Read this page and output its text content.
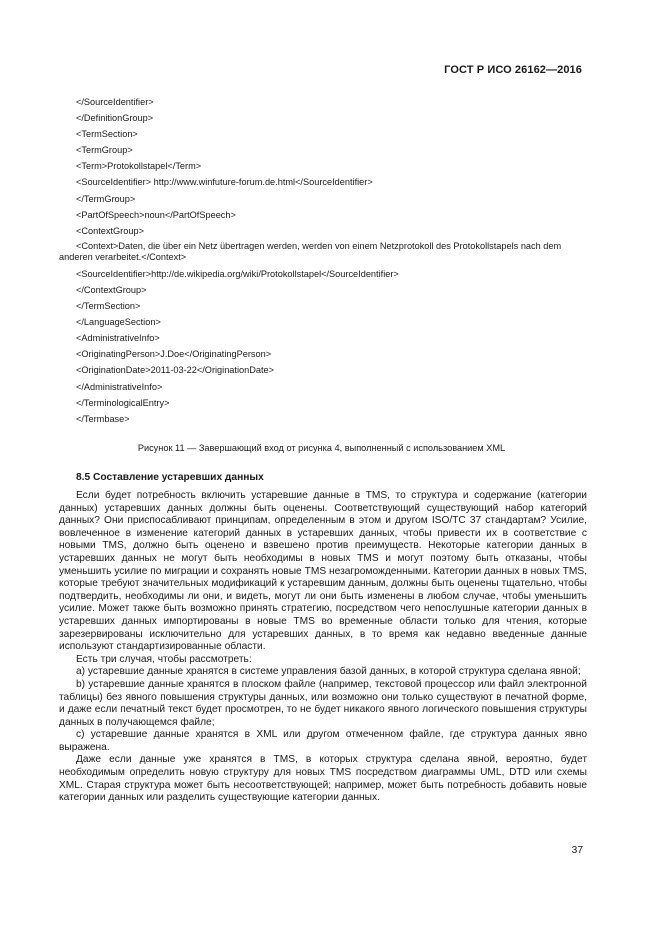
ГОСТ Р ИСО 26162—2016
</SourceIdentifier>
</DefinitionGroup>
<TermSection>
<TermGroup>
<Term>Protokollstapel</Term>
<SourceIdentifier> http://www.winfuture-forum.de.html</SourceIdentifier>
</TermGroup>
<PartOfSpeech>noun</PartOfSpeech>
<ContextGroup>
<Context>Daten, die über ein Netz übertragen werden, werden von einem Netzprotokoll des Protokollstapels nach dem anderen verarbeitet.</Context>
<SourceIdentifier>http://de.wikipedia.org/wiki/Protokollstapel</SourceIdentifier>
</ContextGroup>
</TermSection>
</LanguageSection>
<AdministrativeInfo>
<OriginatingPerson>J.Doe</OriginatingPerson>
<OriginationDate>2011-03-22</OriginationDate>
</AdministrativeInfo>
</TerminologicalEntry>
</Termbase>
Рисунок 11 — Завершающий вход от рисунка 4, выполненный с использованием XML
8.5 Составление устаревших данных

Если будет потребность включить устаревшие данные в TMS, то структура и содержание (категории данных) устаревших данных должны быть оценены. Соответствующий существующий набор категорий данных? Они приспосабливают принципам, определенным в этом и другом ISO/TC 37 стандартам? Усилие, вовлеченное в изменение категорий данных в устаревших данных, чтобы привести их в соответствие с новыми TMS, должно быть оценено и взвешено против преимуществ. Некоторые категории данных в устаревших данных не могут быть необходимы в новых TMS и могут поэтому быть отказаны, чтобы уменьшить усилие по миграции и сохранять новые TMS незагроможденными. Категории данных в новых TMS, которые требуют значительных модификаций к устаревшим данным, должны быть оценены тщательно, чтобы подтвердить, необходимы ли они, и видеть, могут ли они быть изменены в любом случае, чтобы уменьшить усилие. Может также быть возможно принять стратегию, посредством чего непослушные категории данных в устаревших данных импортированы в новые TMS во временные области только для чтения, которые зарезервированы исключительно для устаревших данных, в то время как недавно введенные данные используют стандартизированные области.

Есть три случая, чтобы рассмотреть:

а) устаревшие данные хранятся в системе управления базой данных, в которой структура сделана явной;

b) устаревшие данные хранятся в плоском файле (например, текстовой процессор или файл электронной таблицы) без явного повышения структуры данных, или возможно они только существуют в печатной форме, и даже если печатный текст будет просмотрен, то не будет никакого явного логического повышения структуры данных в получающемся файле;

с) устаревшие данные хранятся в XML или другом отмеченном файле, где структура данных явно выражена.

Даже если данные уже хранятся в TMS, в которых структура сделана явной, вероятно, будет необходимым определить новую структуру для новых TMS посредством диаграммы UML, DTD или схемы XML. Старая структура может быть несоответствующей; например, может быть потребность добавить новые категории данных или разделить существующие категории данных.

37
